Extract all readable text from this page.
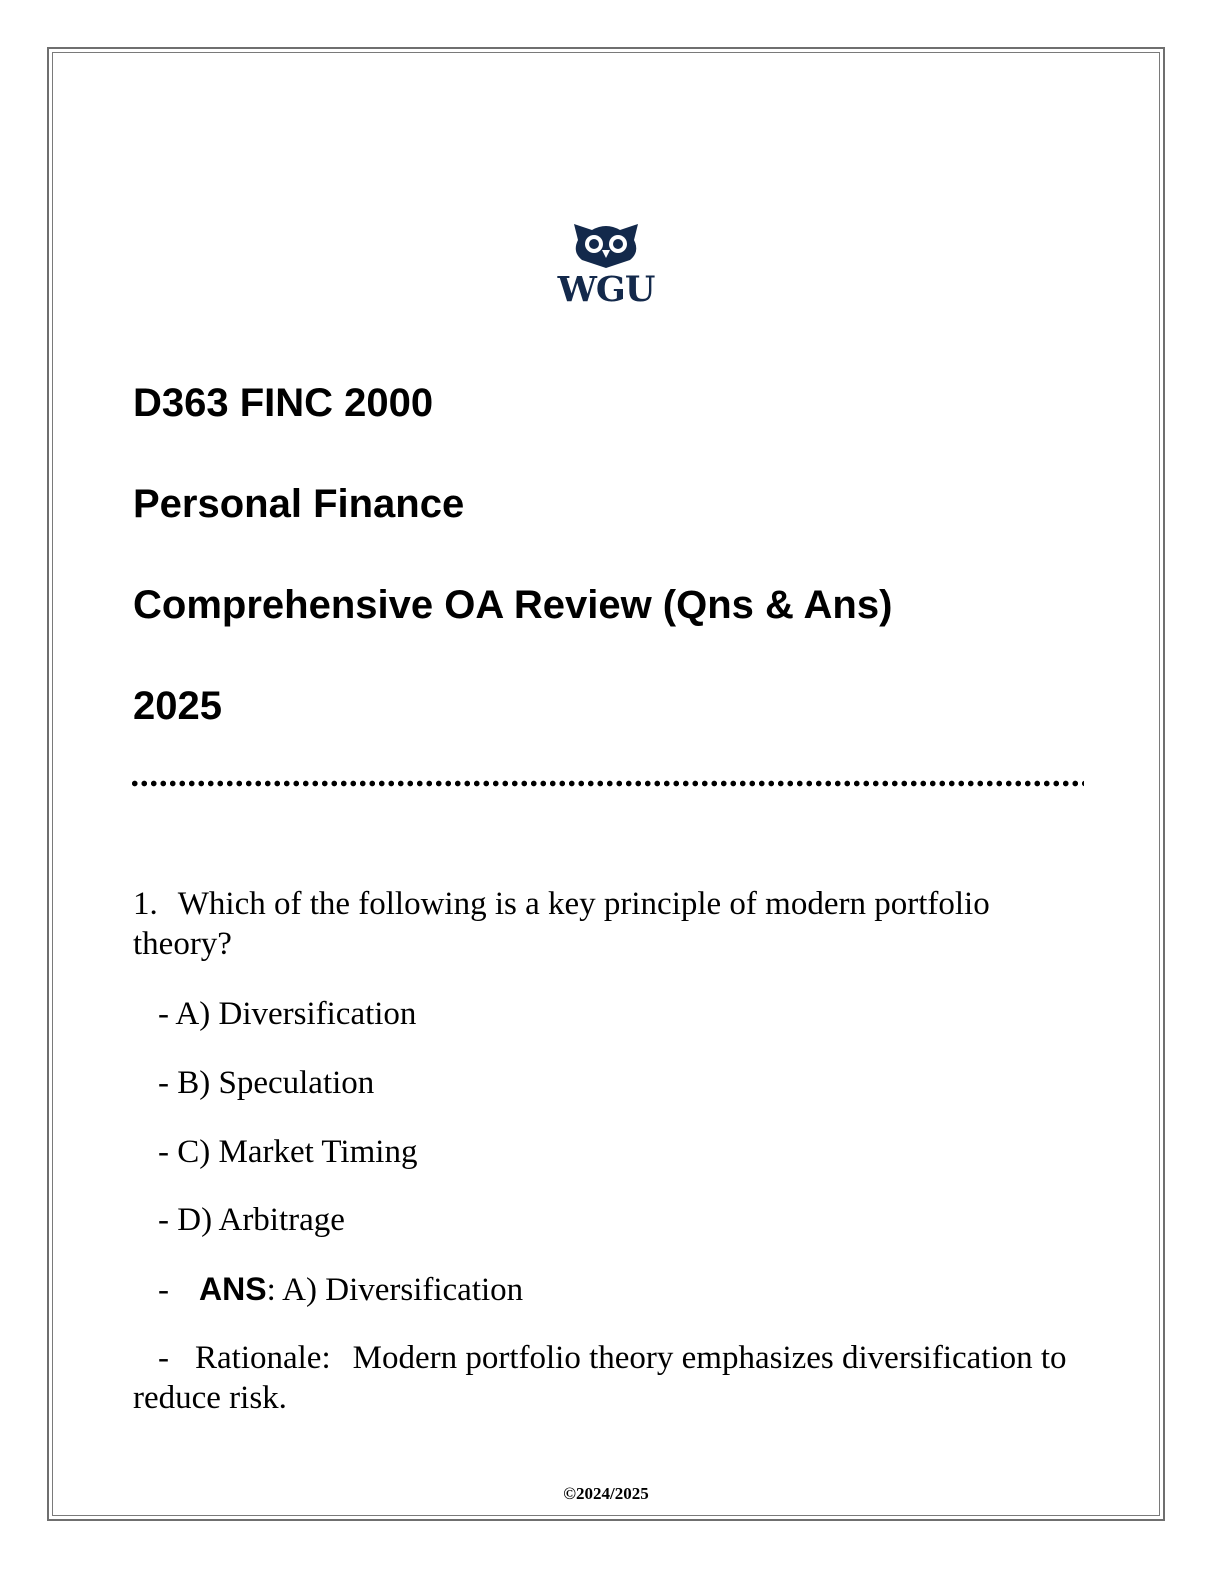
WGU
D363 FINC 2000
Personal Finance
Comprehensive OA Review (Qns & Ans)
2025

1. Which of the following is a key principle of modern portfolio theory?

- A) Diversification

- B) Speculation

- C) Market Timing

- D) Arbitrage

- ANS: A) Diversification

- Rationale: Modern portfolio theory emphasizes diversification to reduce risk.

©2024/2025
